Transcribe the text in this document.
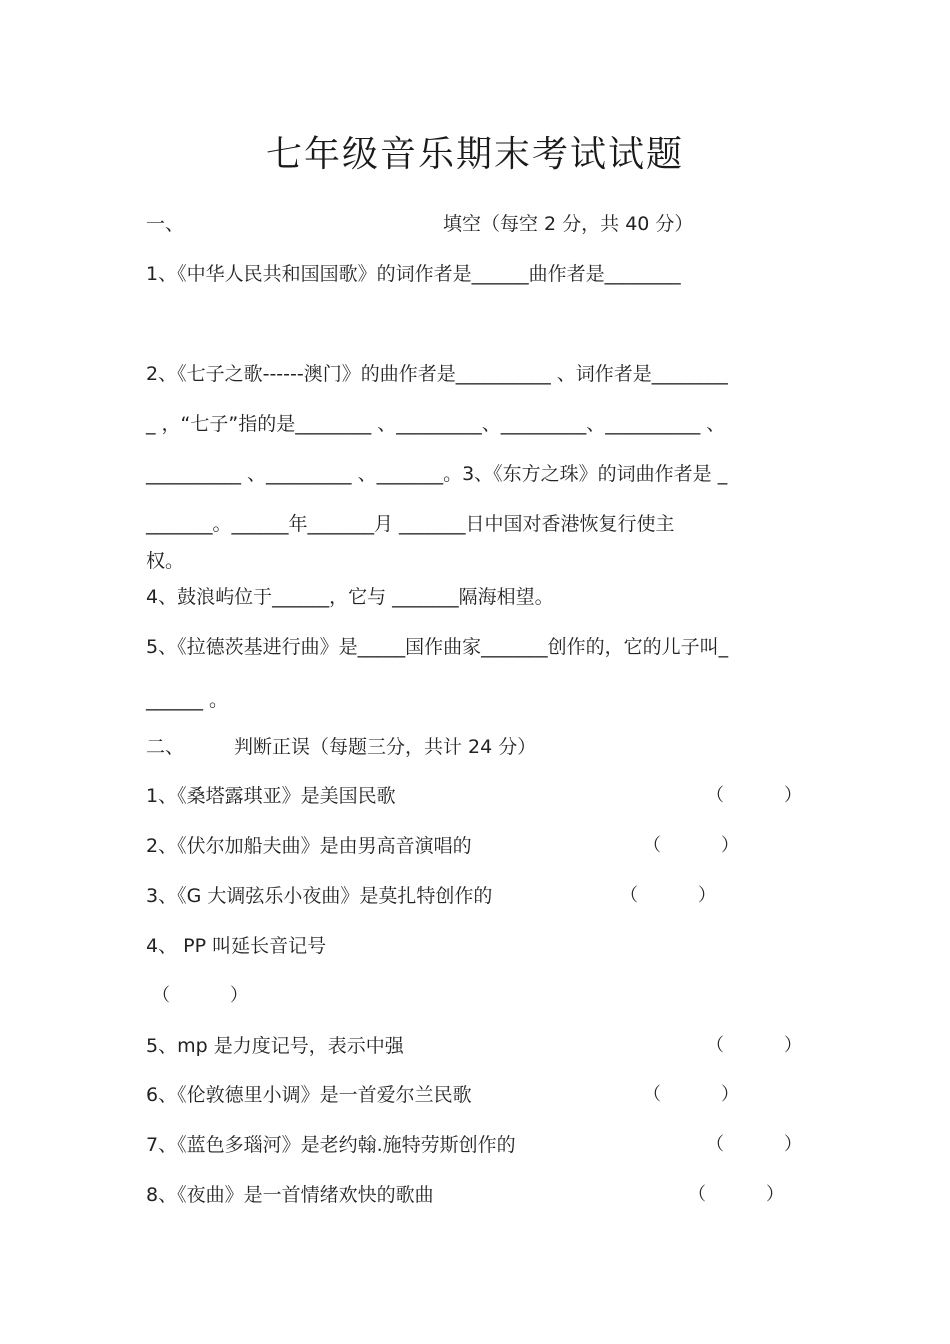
七年级音乐期末考试试题
一、	填空（每空 2 分，共 40 分）
1、《中华人民共和国国歌》的词作者是______曲作者是________
2、《七子之歌------澳门》的曲作者是__________ 、词作者是________
_ ，“七子”指的是________ 、_________、_________、__________ 、
__________ 、_________ 、_______。3、《东方之珠》的词曲作者是 _
_______。______年_______月 _______日中国对香港恢复行使主
权。
4、鼓浪屿位于______，它与 _______隔海相望。
5、《拉德茨基进行曲》是_____国作曲家_______创作的，它的儿子叫_
______ 。
二、	判断正误（每题三分，共计 24 分）
1、《桑塔露琪亚》是美国民歌	（	）
2、《伏尔加船夫曲》是由男高音演唱的	（	）
3、《G 大调弦乐小夜曲》是莫扎特创作的	（	）
4、 PP 叫延长音记号
（	）
5、mp 是力度记号，表示中强	（	）
6、《伦敦德里小调》是一首爱尔兰民歌	（	）
7、《蓝色多瑙河》是老约翰.施特劳斯创作的	（	）
8、《夜曲》是一首情绪欢快的歌曲	（	）
